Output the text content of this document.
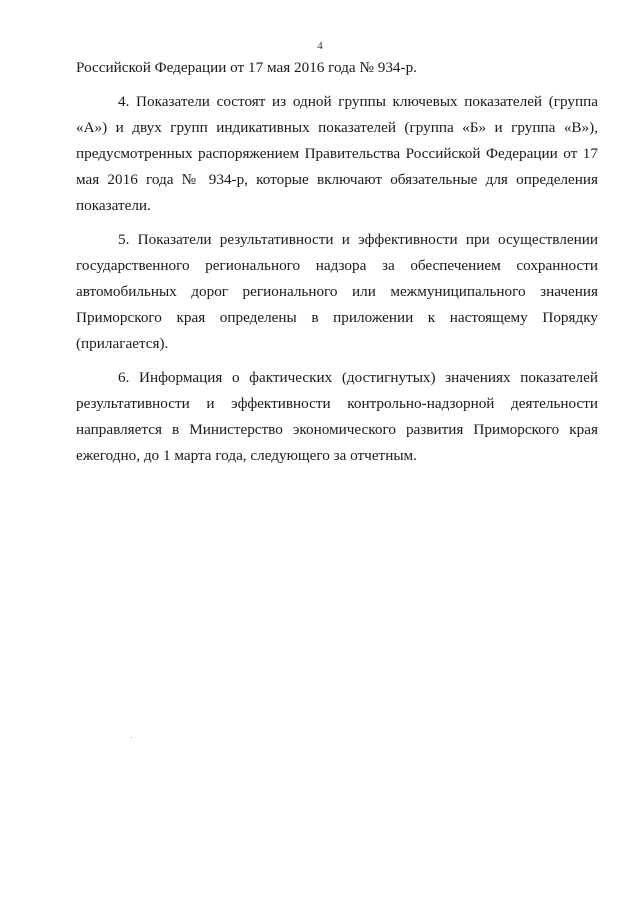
4

Российской Федерации от 17 мая 2016 года № 934-р.

4. Показатели состоят из одной группы ключевых показателей (группа «А») и двух групп индикативных показателей (группа «Б» и группа «В»), предусмотренных распоряжением Правительства Российской Федерации от 17 мая 2016 года № 934-р, которые включают обязательные для определения показатели.

5. Показатели результативности и эффективности при осуществлении государственного регионального надзора за обеспечением сохранности автомобильных дорог регионального или межмуниципального значения Приморского края определены в приложении к настоящему Порядку (прилагается).

6. Информация о фактических (достигнутых) значениях показателей результативности и эффективности контрольно-надзорной деятельности направляется в Министерство экономического развития Приморского края ежегодно, до 1 марта года, следующего за отчетным.
